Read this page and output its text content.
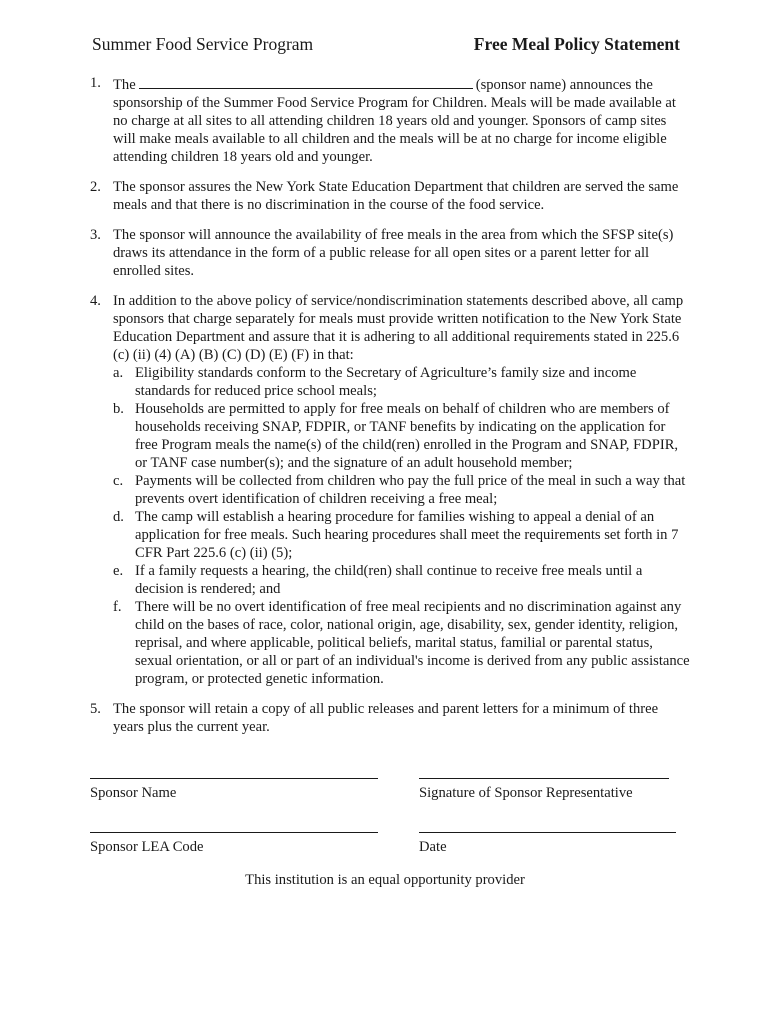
Summer Food Service Program	Free Meal Policy Statement
1. The	(sponsor name) announces the sponsorship of the Summer Food Service Program for Children. Meals will be made available at no charge at all sites to all attending children 18 years old and younger. Sponsors of camp sites will make meals available to all children and the meals will be at no charge for income eligible attending children 18 years old and younger.
2. The sponsor assures the New York State Education Department that children are served the same meals and that there is no discrimination in the course of the food service.
3. The sponsor will announce the availability of free meals in the area from which the SFSP site(s) draws its attendance in the form of a public release for all open sites or a parent letter for all enrolled sites.
4. In addition to the above policy of service/nondiscrimination statements described above, all camp sponsors that charge separately for meals must provide written notification to the New York State Education Department and assure that it is adhering to all additional requirements stated in 225.6 (c) (ii) (4) (A) (B) (C) (D) (E) (F) in that:
a. Eligibility standards conform to the Secretary of Agriculture’s family size and income standards for reduced price school meals;
b. Households are permitted to apply for free meals on behalf of children who are members of households receiving SNAP, FDPIR, or TANF benefits by indicating on the application for free Program meals the name(s) of the child(ren) enrolled in the Program and SNAP, FDPIR, or TANF case number(s); and the signature of an adult household member;
c. Payments will be collected from children who pay the full price of the meal in such a way that prevents overt identification of children receiving a free meal;
d. The camp will establish a hearing procedure for families wishing to appeal a denial of an application for free meals. Such hearing procedures shall meet the requirements set forth in 7 CFR Part 225.6 (c) (ii) (5);
e. If a family requests a hearing, the child(ren) shall continue to receive free meals until a decision is rendered; and
f. There will be no overt identification of free meal recipients and no discrimination against any child on the bases of race, color, national origin, age, disability, sex, gender identity, religion, reprisal, and where applicable, political beliefs, marital status, familial or parental status, sexual orientation, or all or part of an individual's income is derived from any public assistance program, or protected genetic information.
5. The sponsor will retain a copy of all public releases and parent letters for a minimum of three years plus the current year.
Sponsor Name	Signature of Sponsor Representative
Sponsor LEA Code	Date
This institution is an equal opportunity provider
